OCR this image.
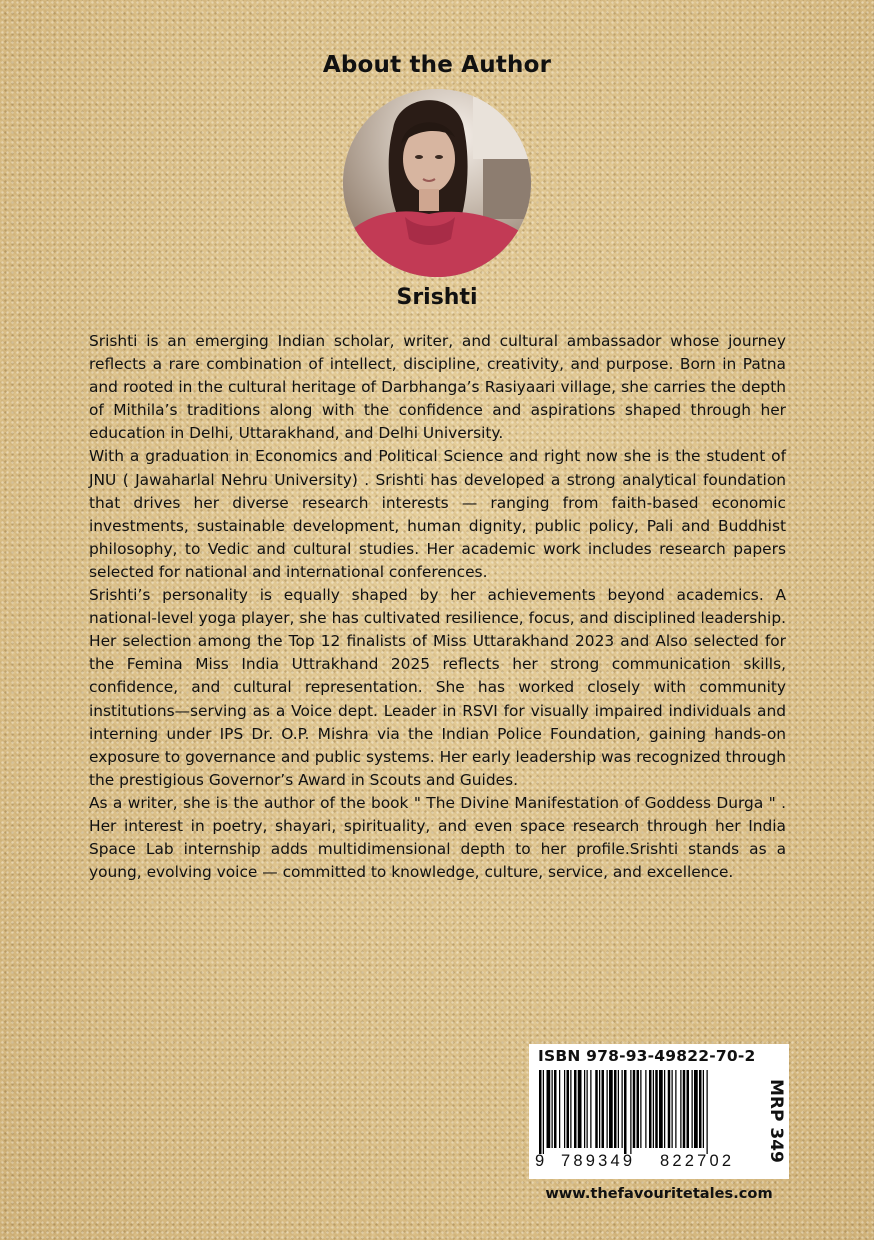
About the Author
Srishti

Srishti is an emerging Indian scholar, writer, and cultural ambassador whose journey reflects a rare combination of intellect, discipline, creativity, and purpose. Born in Patna and rooted in the cultural heritage of Darbhanga’s Rasiyaari village, she carries the depth of Mithila’s traditions along with the confidence and aspirations shaped through her education in Delhi, Uttarakhand, and Delhi University.

With a graduation in Economics and Political Science and right now she is the student of JNU ( Jawaharlal Nehru University) . Srishti has developed a strong analytical foundation that drives her diverse research interests — ranging from faith-based economic investments, sustainable development, human dignity, public policy, Pali and Buddhist philosophy, to Vedic and cultural studies. Her academic work includes research papers selected for national and international conferences.

Srishti’s personality is equally shaped by her achievements beyond academics. A national-level yoga player, she has cultivated resilience, focus, and disciplined leadership. Her selection among the Top 12 finalists of Miss Uttarakhand 2023 and Also selected for the Femina Miss India Uttrakhand 2025 reflects her strong communication skills, confidence, and cultural representation. She has worked closely with community institutions—serving as a Voice dept. Leader in RSVI for visually impaired individuals and interning under IPS Dr. O.P. Mishra via the Indian Police Foundation, gaining hands-on exposure to governance and public systems. Her early leadership was recognized through the prestigious Governor’s Award in Scouts and Guides.

As a writer, she is the author of the book " The Divine Manifestation of Goddess Durga " . Her interest in poetry, shayari, spirituality, and even space research through her India Space Lab internship adds multidimensional depth to her profile.Srishti stands as a young, evolving voice — committed to knowledge, culture, service, and excellence.

ISBN 978-93-49822-70-2
9 789349 822702 MRP 349
www.thefavouritetales.com
